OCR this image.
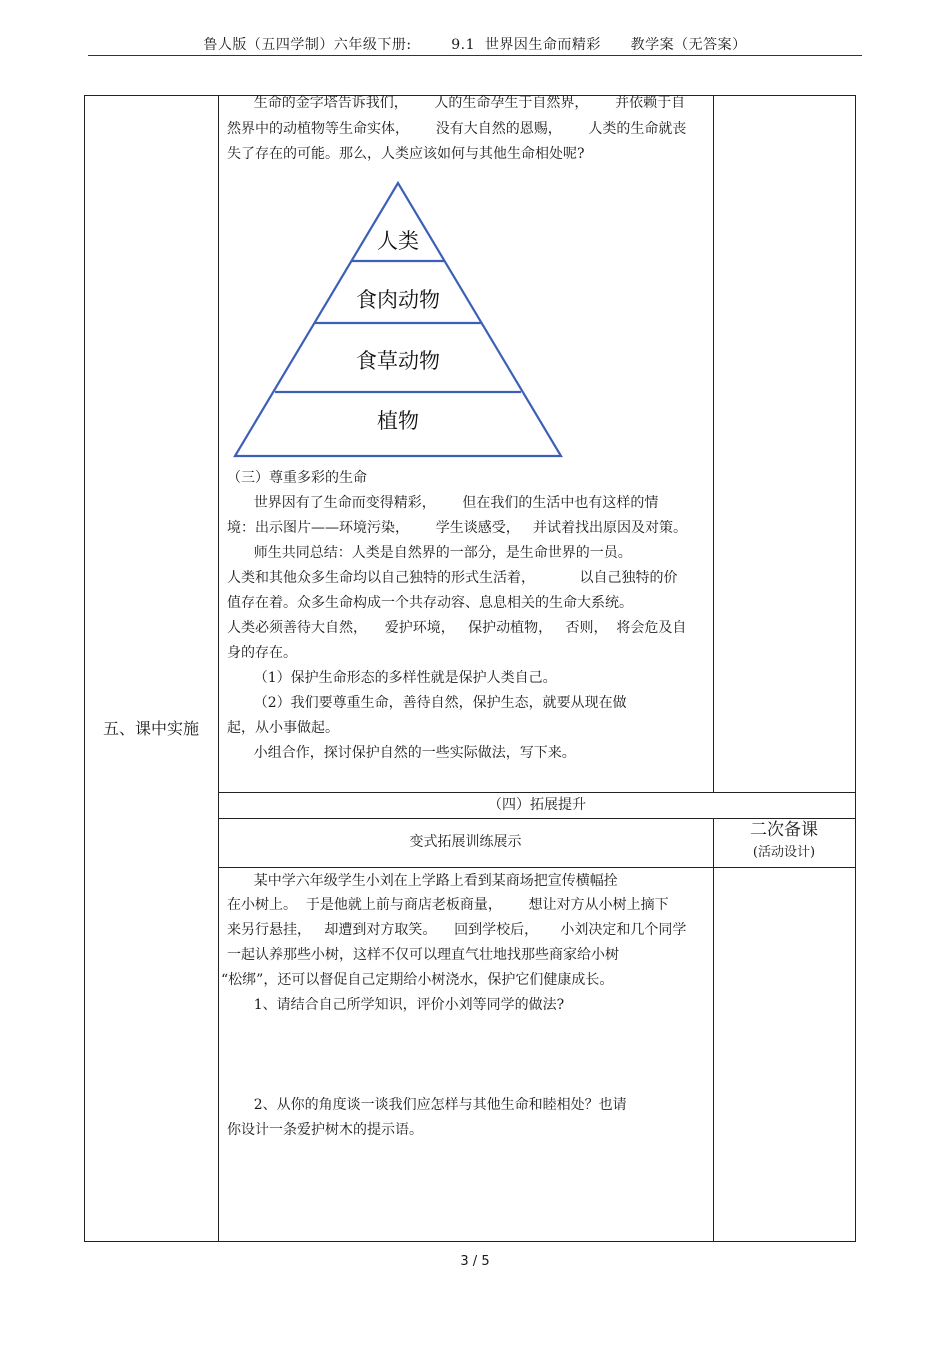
鲁人版（五四学制）六年级下册:        9.1  世界因生命而精彩      教学案（无答案）
五、课中实施
生命的金字塔告诉我们，      人的生命孕生于自然界，      并依赖于自
然界中的动植物等生命实体，      没有大自然的恩赐，      人类的生命就丧
失了存在的可能。那么，人类应该如何与其他生命相处呢?
人类
食肉动物
食草动物
植物
（三）尊重多彩的生命
世界因有了生命而变得精彩，      但在我们的生活中也有这样的情
境：出示图片——环境污染，      学生谈感受，   并试着找出原因及对策。
师生共同总结：人类是自然界的一部分，是生命世界的一员。
人类和其他众多生命均以自己独特的形式生活着，          以自己独特的价
值存在着。众多生命构成一个共存动容、息息相关的生命大系统。
人类必须善待大自然，    爱护环境，   保护动植物，   否则，  将会危及自
身的存在。
（1）保护生命形态的多样性就是保护人类自己。
（2）我们要尊重生命，善待自然，保护生态，就要从现在做
起，从小事做起。
小组合作，探讨保护自然的一些实际做法，写下来。
（四）拓展提升
变式拓展训练展示
二次备课
(活动设计)
某中学六年级学生小刘在上学路上看到某商场把宣传横幅拴
在小树上。  于是他就上前与商店老板商量，      想让对方从小树上摘下
来另行悬挂，   却遭到对方取笑。    回到学校后，     小刘决定和几个同学
一起认养那些小树，这样不仅可以理直气壮地找那些商家给小树
“松绑”，还可以督促自己定期给小树浇水，保护它们健康成长。
1、请结合自己所学知识，评价小刘等同学的做法?
2、从你的角度谈一谈我们应怎样与其他生命和睦相处？也请
你设计一条爱护树木的提示语。
3 / 5
